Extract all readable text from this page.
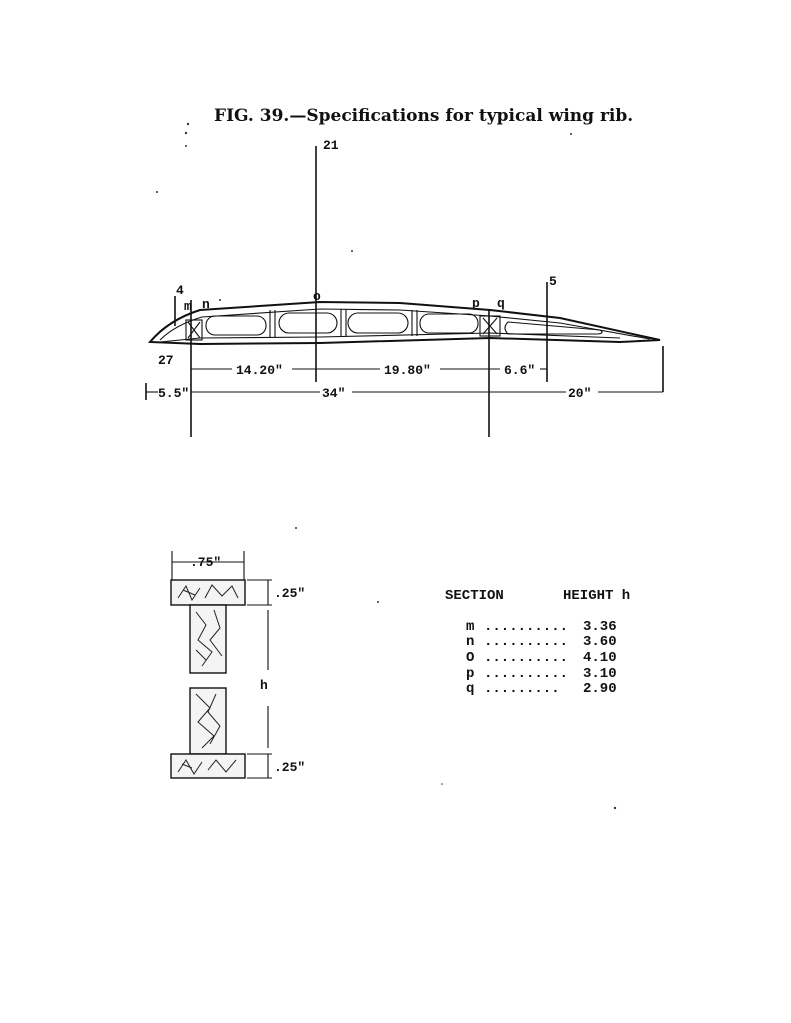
FIG. 39.—Specifications for typical wing rib.
21
4
5
27
m n
o	p q
14.20"	19.80"	6.6"
5.5"	34"	20"
.75"
.25"
.25"
h
SECTION	HEIGHT h
m .......... 3.36
n .......... 3.60
O .......... 4.10
p .......... 3.10
q ......... 2.90
